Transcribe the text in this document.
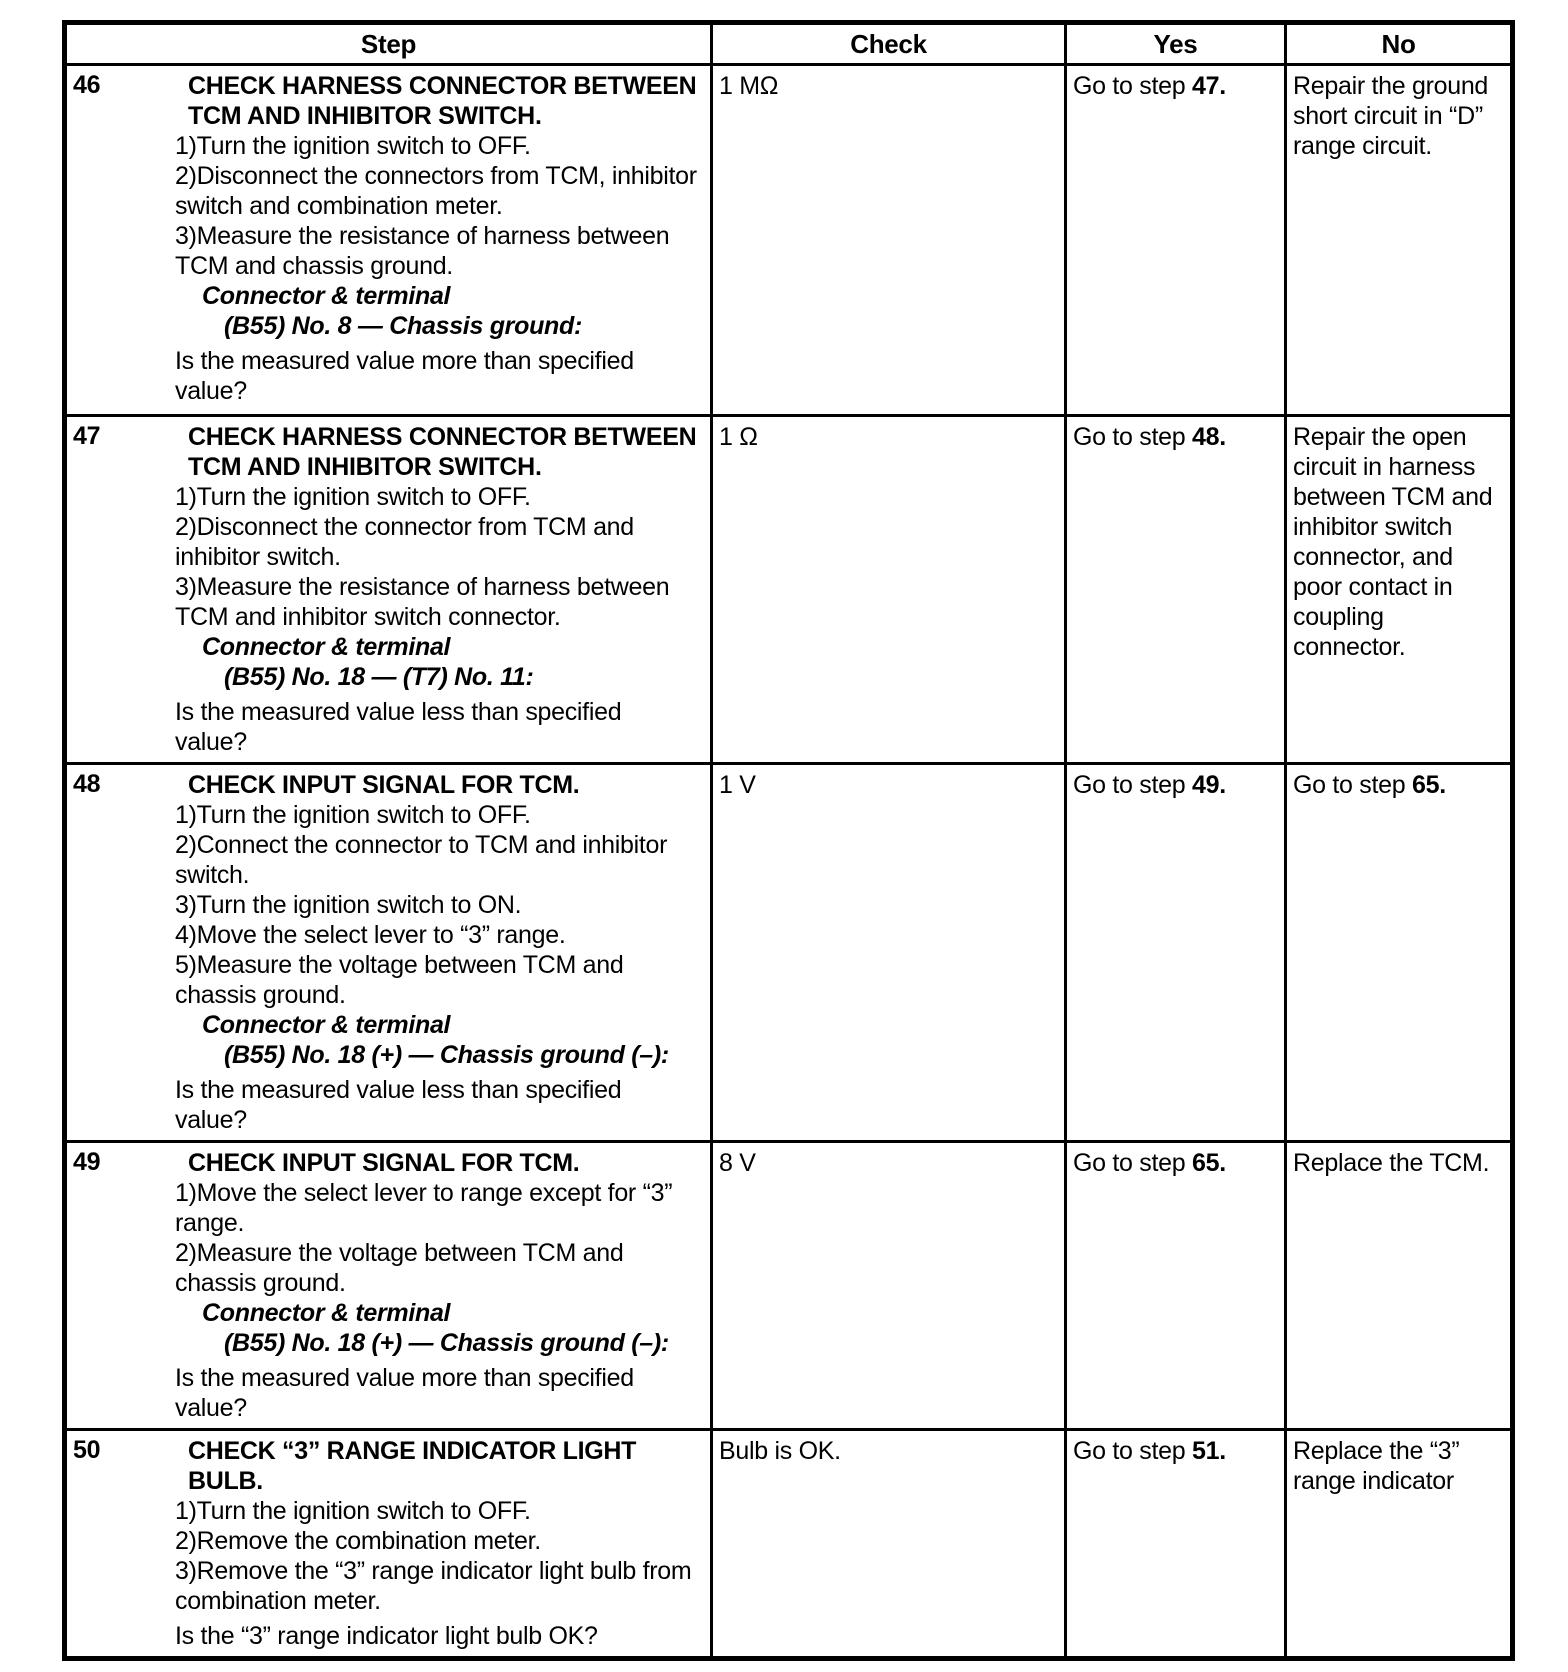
Step	Check	Yes	No

46	CHECK HARNESS CONNECTOR BETWEEN TCM AND INHIBITOR SWITCH.
1)Turn the ignition switch to OFF.
2)Disconnect the connectors from TCM, inhibitor switch and combination meter.
3)Measure the resistance of harness between TCM and chassis ground.
Connector & terminal
(B55) No. 8 — Chassis ground:
Is the measured value more than specified value?
	1 MΩ	Go to step 47.	Repair the ground short circuit in “D” range circuit.

47	CHECK HARNESS CONNECTOR BETWEEN TCM AND INHIBITOR SWITCH.
1)Turn the ignition switch to OFF.
2)Disconnect the connector from TCM and inhibitor switch.
3)Measure the resistance of harness between TCM and inhibitor switch connector.
Connector & terminal
(B55) No. 18 — (T7) No. 11:
Is the measured value less than specified value?
	1 Ω	Go to step 48.	Repair the open circuit in harness between TCM and inhibitor switch connector, and poor contact in coupling connector.

48	CHECK INPUT SIGNAL FOR TCM.
1)Turn the ignition switch to OFF.
2)Connect the connector to TCM and inhibitor switch.
3)Turn the ignition switch to ON.
4)Move the select lever to “3” range.
5)Measure the voltage between TCM and chassis ground.
Connector & terminal
(B55) No. 18 (+) — Chassis ground (–):
Is the measured value less than specified value?
	1 V	Go to step 49.	Go to step 65.

49	CHECK INPUT SIGNAL FOR TCM.
1)Move the select lever to range except for “3” range.
2)Measure the voltage between TCM and chassis ground.
Connector & terminal
(B55) No. 18 (+) — Chassis ground (–):
Is the measured value more than specified value?
	8 V	Go to step 65.	Replace the TCM.

50	CHECK “3” RANGE INDICATOR LIGHT BULB.
1)Turn the ignition switch to OFF.
2)Remove the combination meter.
3)Remove the “3” range indicator light bulb from combination meter.
Is the “3” range indicator light bulb OK?
	Bulb is OK.	Go to step 51.	Replace the “3” range indicator
